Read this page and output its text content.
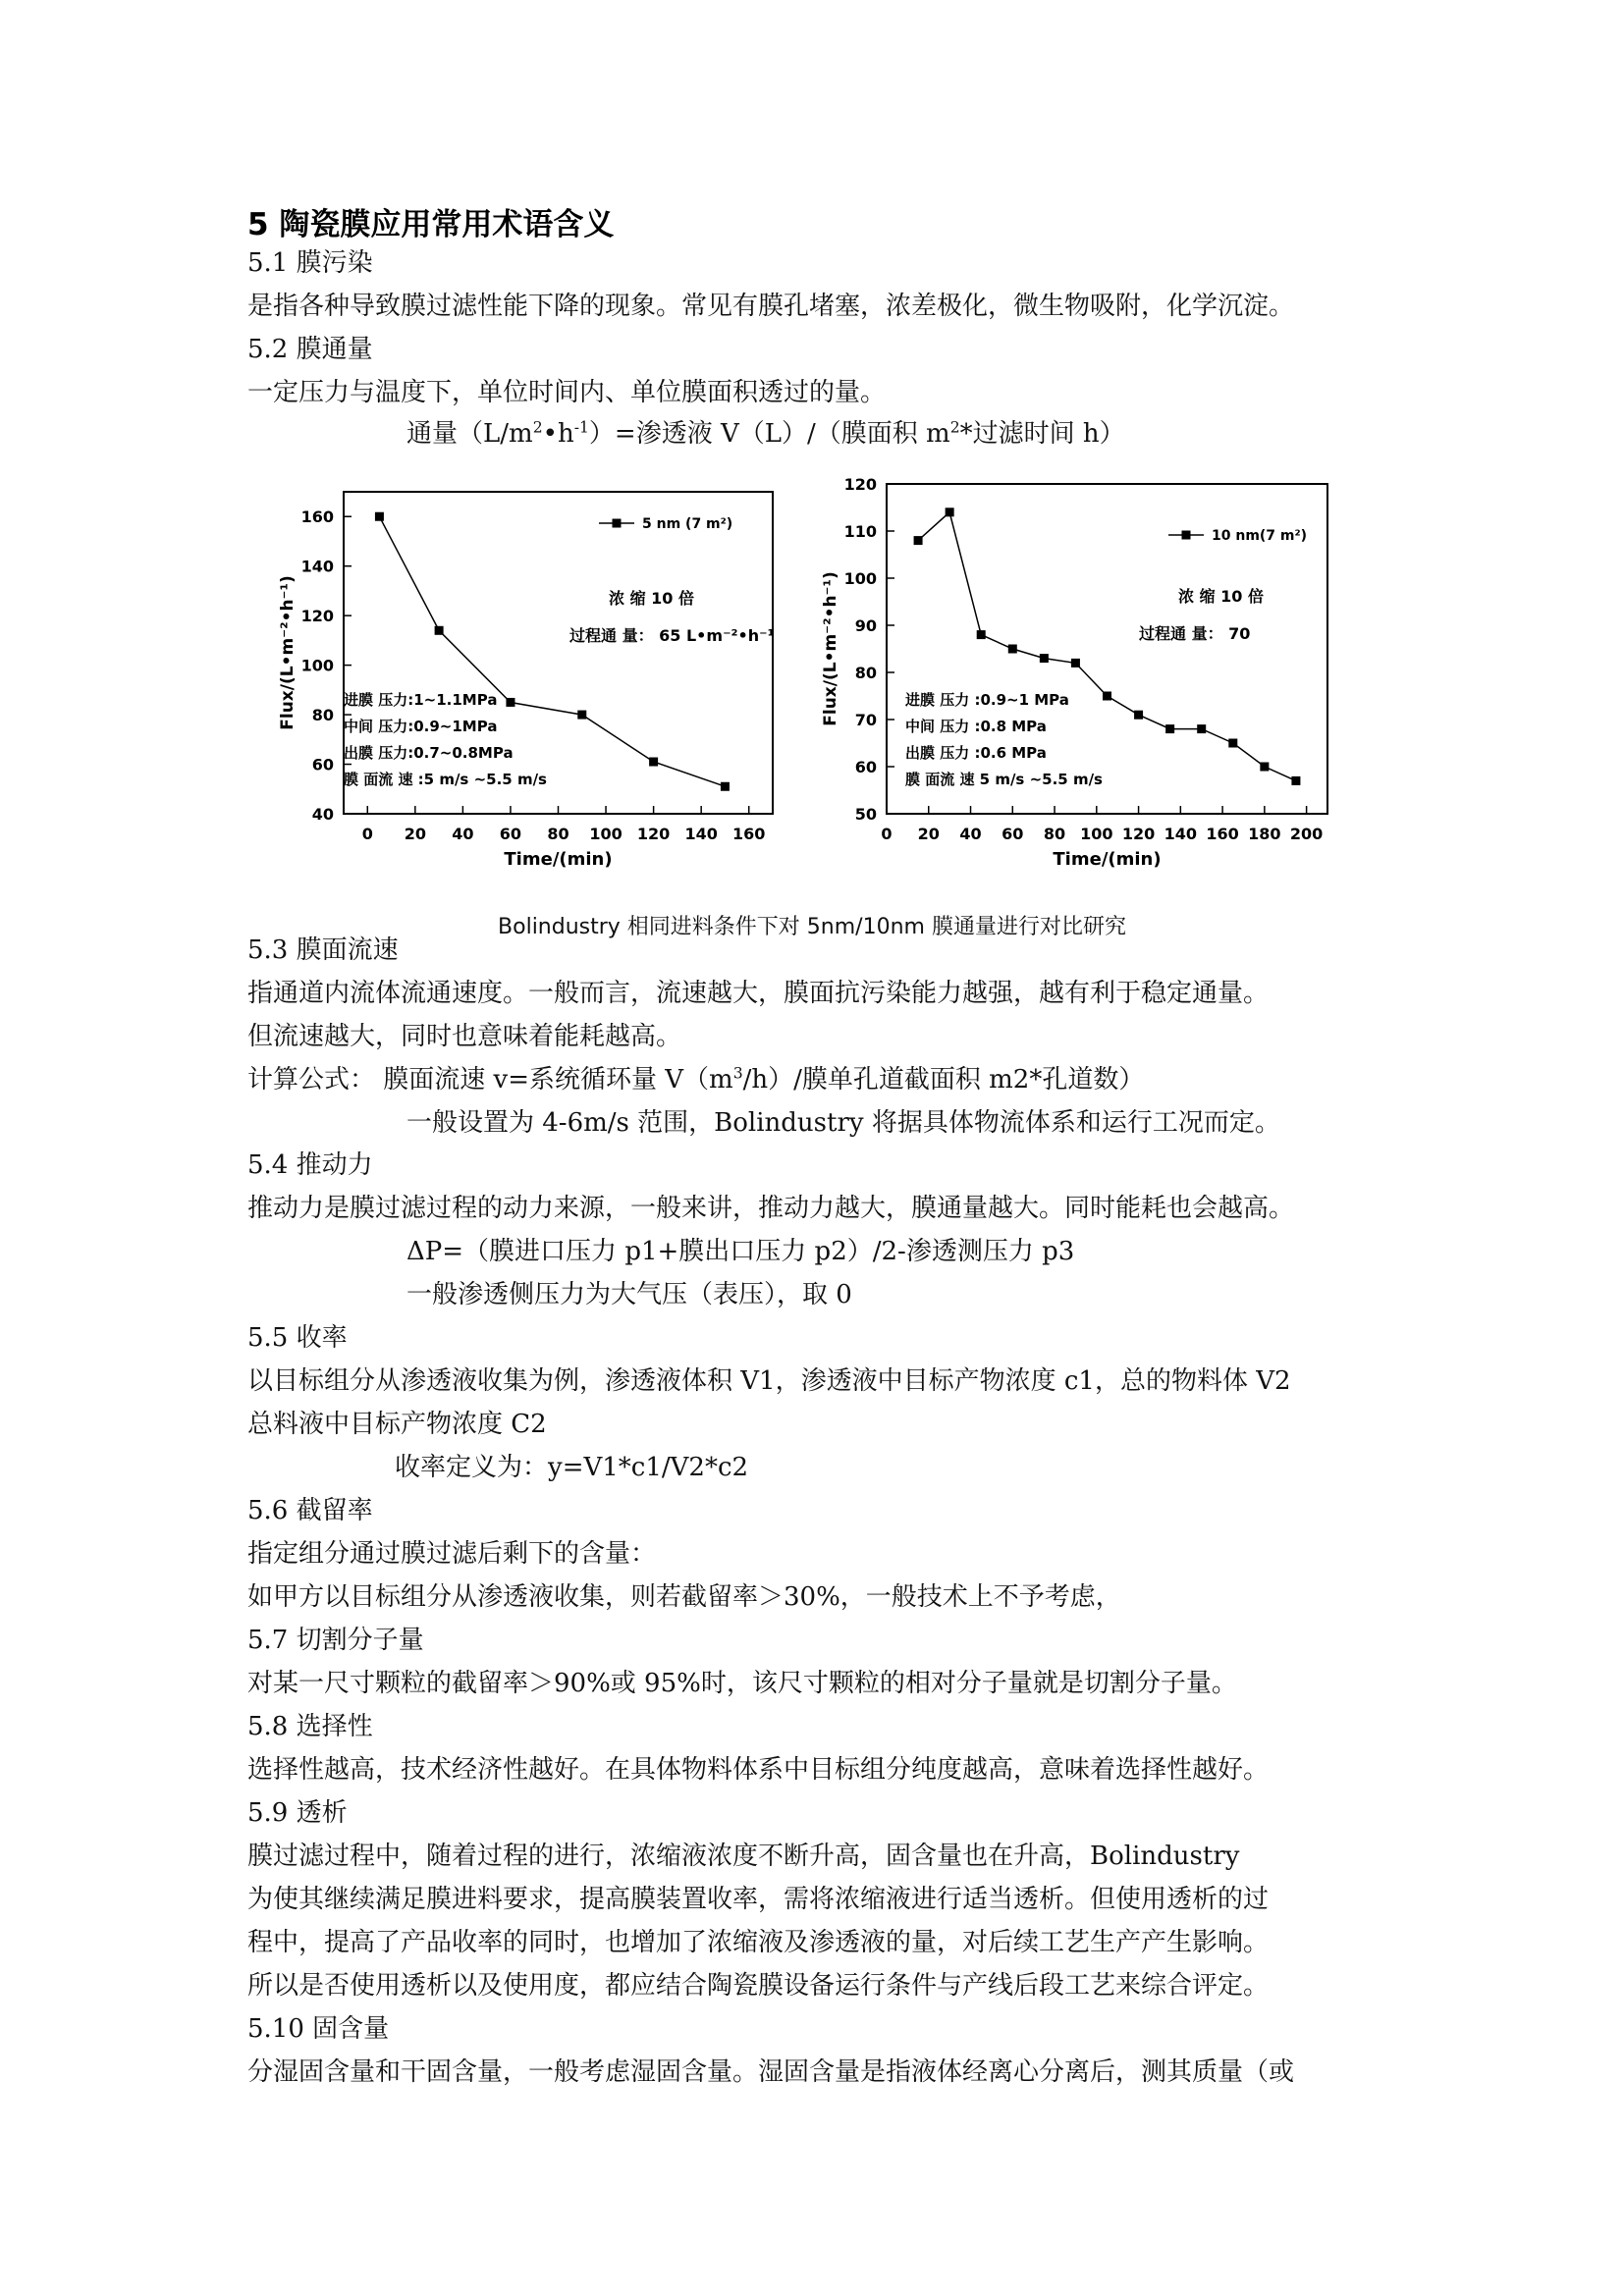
5 陶瓷膜应用常用术语含义

5.1 膜污染

是指各种导致膜过滤性能下降的现象。常见有膜孔堵塞，浓差极化，微生物吸附，化学沉淀。

5.2 膜通量

一定压力与温度下，单位时间内、单位膜面积透过的量。

通量$(L/m^2•h^{-1})=$渗透液 V（L）/（膜面积 $m^2*$过滤时间 h）

0 20 40 60 80 100 120 140 160
40
60
80
100
120
140
160
Time/(min)
Flux/(L•m⁻²•h⁻¹)
5 nm (7 m²)
浓 缩 10 倍
过程通 量： 65 L•m⁻²•h⁻¹
进膜 压力:1~1.1MPa
中间 压力:0.9~1MPa
出膜 压力:0.7~0.8MPa
膜 面流 速 :5 m/s ~5.5 m/s
0 20 40 60 80 100 120 140 160 180 200
50
60
70
80
90
100
110
120
Time/(min)
Flux/(L•m⁻²•h⁻¹)
10 nm(7 m²)
浓 缩 10 倍
过程通 量： 70
进膜 压力 :0.9~1 MPa
中间 压力 :0.8 MPa
出膜 压力 :0.6 MPa
膜 面流 速 5 m/s ~5.5 m/s

Bolindustry 相同进料条件下对 5nm/10nm 膜通量进行对比研究

5.3 膜面流速

指通道内流体流通速度。一般而言，流速越大，膜面抗污染能力越强，越有利于稳定通量。

但流速越大，同时也意味着能耗越高。

计算公式： 膜面流速 v=系统循环量 $V(m^3/h)/$膜单孔道截面积 m2*孔道数）

一般设置为 4-6m/s 范围，Bolindustry 将据具体物流体系和运行工况而定。

5.4 推动力

推动力是膜过滤过程的动力来源，一般来讲，推动力越大，膜通量越大。同时能耗也会越高。

ΔP=（膜进口压力 p1+膜出口压力 p2）/2-渗透测压力 p3

一般渗透侧压力为大气压（表压），取 0

5.5 收率

以目标组分从渗透液收集为例，渗透液体积 V1，渗透液中目标产物浓度 c1，总的物料体 V2

总料液中目标产物浓度 C2

收率定义为：y=V1*c1/V2*c2

5.6 截留率

指定组分通过膜过滤后剩下的含量：

如甲方以目标组分从渗透液收集，则若截留率＞30%，一般技术上不予考虑，

5.7 切割分子量

对某一尺寸颗粒的截留率＞90%或 95%时，该尺寸颗粒的相对分子量就是切割分子量。

5.8 选择性

选择性越高，技术经济性越好。在具体物料体系中目标组分纯度越高，意味着选择性越好。

5.9 透析

膜过滤过程中，随着过程的进行，浓缩液浓度不断升高，固含量也在升高，Bolindustry

为使其继续满足膜进料要求，提高膜装置收率，需将浓缩液进行适当透析。但使用透析的过

程中，提高了产品收率的同时，也增加了浓缩液及渗透液的量，对后续工艺生产产生影响。

所以是否使用透析以及使用度，都应结合陶瓷膜设备运行条件与产线后段工艺来综合评定。

5.10 固含量

分湿固含量和干固含量，一般考虑湿固含量。湿固含量是指液体经离心分离后，测其质量（或
